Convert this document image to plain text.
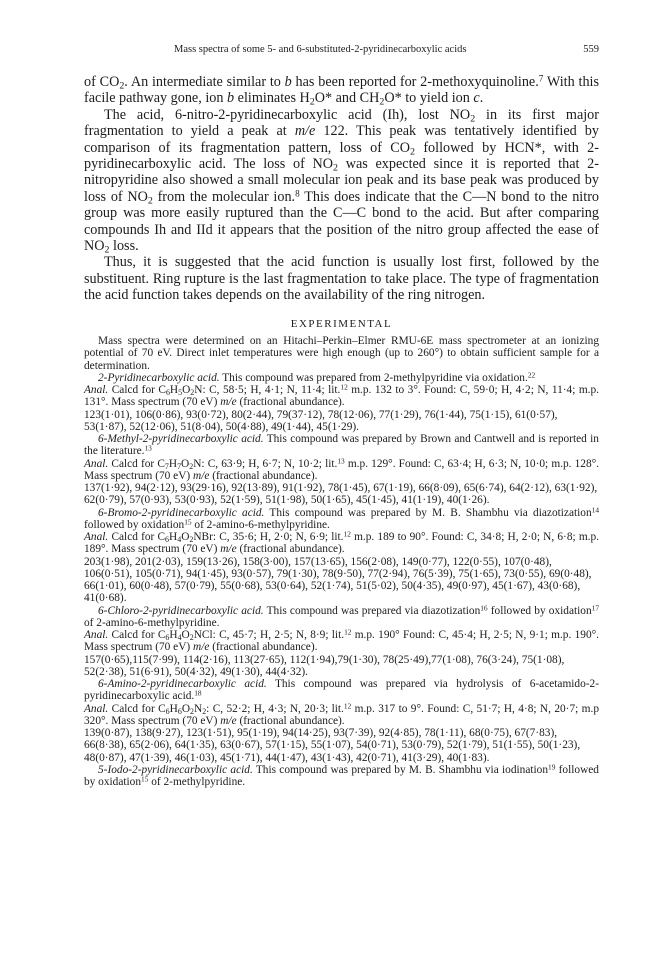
Mass spectra of some 5- and 6-substituted-2-pyridinecarboxylic acids	559

of $CO_2$. An intermediate similar to b has been reported for 2-methoxyquinoline.$^7$ With this facile pathway gone, ion b eliminates $H_2O*$ and $CH_2O*$ to yield ion c.

The acid, 6-nitro-2-pyridinecarboxylic acid (Ih), lost $NO_2$ in its first major fragmentation to yield a peak at m/e 122. This peak was tentatively identified by comparison of its fragmentation pattern, loss of $CO_2$ followed by HCN*, with 2-pyridinecarboxylic acid. The loss of $NO_2$ was expected since it is reported that 2-nitropyridine also showed a small molecular ion peak and its base peak was produced by loss of $NO_2$ from the molecular ion.$^8$ This does indicate that the C—N bond to the nitro group was more easily ruptured than the C—C bond to the acid. But after comparing compounds Ih and IId it appears that the position of the nitro group affected the ease of $NO_2$ loss.

Thus, it is suggested that the acid function is usually lost first, followed by the substituent. Ring rupture is the last fragmentation to take place. The type of fragmentation the acid function takes depends on the availability of the ring nitrogen.

EXPERIMENTAL

Mass spectra were determined on an Hitachi–Perkin–Elmer RMU-6E mass spectrometer at an ionizing potential of 70 eV. Direct inlet temperatures were high enough (up to 260°) to obtain sufficient sample for a determination.

2-Pyridinecarboxylic acid. This compound was prepared from 2-methylpyridine via oxidation.$^{22}$

Anal. Calcd for $C_6H_5O_2N$: C, 58·5; H, 4·1; N, 11·4; lit.$^{12}$ m.p. 132 to 3°. Found: C, 59·0; H, 4·2; N, 11·4; m.p. 131°. Mass spectrum (70 eV) m/e (fractional abundance).

123(1·01), 106(0·86), 93(0·72), 80(2·44), 79(37·12), 78(12·06), 77(1·29), 76(1·44), 75(1·15), 61(0·57), 53(1·87), 52(12·06), 51(8·04), 50(4·88), 49(1·44), 45(1·29).

6-Methyl-2-pyridinecarboxylic acid. This compound was prepared by Brown and Cantwell and is reported in the literature.$^{13}$

Anal. Calcd for $C_7H_7O_2N$: C, 63·9; H, 6·7; N, 10·2; lit.$^{13}$ m.p. 129°. Found: C, 63·4; H, 6·3; N, 10·0; m.p. 128°. Mass spectrum (70 eV) m/e (fractional abundance).

137(1·92), 94(2·12), 93(29·16), 92(13·89), 91(1·92), 78(1·45), 67(1·19), 66(8·09), 65(6·74), 64(2·12), 63(1·92), 62(0·79), 57(0·93), 53(0·93), 52(1·59), 51(1·98), 50(1·65), 45(1·45), 41(1·19), 40(1·26).

6-Bromo-2-pyridinecarboxylic acid. This compound was prepared by M. B. Shambhu via diazotization$^{14}$ followed by oxidation$^{15}$ of 2-amino-6-methylpyridine.

Anal. Calcd for $C_6H_4O_2NBr$: C, 35·6; H, 2·0; N, 6·9; lit.$^{12}$ m.p. 189 to 90°. Found: C, 34·8; H, 2·0; N, 6·8; m.p. 189°. Mass spectrum (70 eV) m/e (fractional abundance).

203(1·98), 201(2·03), 159(13·26), 158(3·00), 157(13·65), 156(2·08), 149(0·77), 122(0·55), 107(0·48), 106(0·51), 105(0·71), 94(1·45), 93(0·57), 79(1·30), 78(9·50), 77(2·94), 76(5·39), 75(1·65), 73(0·55), 69(0·48), 66(1·01), 60(0·48), 57(0·79), 55(0·68), 53(0·64), 52(1·74), 51(5·02), 50(4·35), 49(0·97), 45(1·67), 43(0·68), 41(0·68).

6-Chloro-2-pyridinecarboxylic acid. This compound was prepared via diazotization$^{16}$ followed by oxidation$^{17}$ of 2-amino-6-methylpyridine.

Anal. Calcd for $C_6H_4O_2NCl$: C, 45·7; H, 2·5; N, 8·9; lit.$^{12}$ m.p. 190° Found: C, 45·4; H, 2·5; N, 9·1; m.p. 190°. Mass spectrum (70 eV) m/e (fractional abundance).

157(0·65),115(7·99), 114(2·16), 113(27·65), 112(1·94),79(1·30), 78(25·49),77(1·08), 76(3·24), 75(1·08), 52(2·38), 51(6·91), 50(4·32), 49(1·30), 44(4·32).

6-Amino-2-pyridinecarboxylic acid. This compound was prepared via hydrolysis of 6-acetamido-2-pyridinecarboxylic acid.$^{18}$

Anal. Calcd for $C_6H_6O_2N_2$: C, 52·2; H, 4·3; N, 20·3; lit.$^{12}$ m.p. 317 to 9°. Found: C, 51·7; H, 4·8; N, 20·7; m.p 320°. Mass spectrum (70 eV) m/e (fractional abundance).

139(0·87), 138(9·27), 123(1·51), 95(1·19), 94(14·25), 93(7·39), 92(4·85), 78(1·11), 68(0·75), 67(7·83), 66(8·38), 65(2·06), 64(1·35), 63(0·67), 57(1·15), 55(1·07), 54(0·71), 53(0·79), 52(1·79), 51(1·55), 50(1·23), 48(0·87), 47(1·39), 46(1·03), 45(1·71), 44(1·47), 43(1·43), 42(0·71), 41(3·29), 40(1·83).

5-Iodo-2-pyridinecarboxylic acid. This compound was prepared by M. B. Shambhu via iodination$^{19}$ followed by oxidation$^{15}$ of 2-methylpyridine.
